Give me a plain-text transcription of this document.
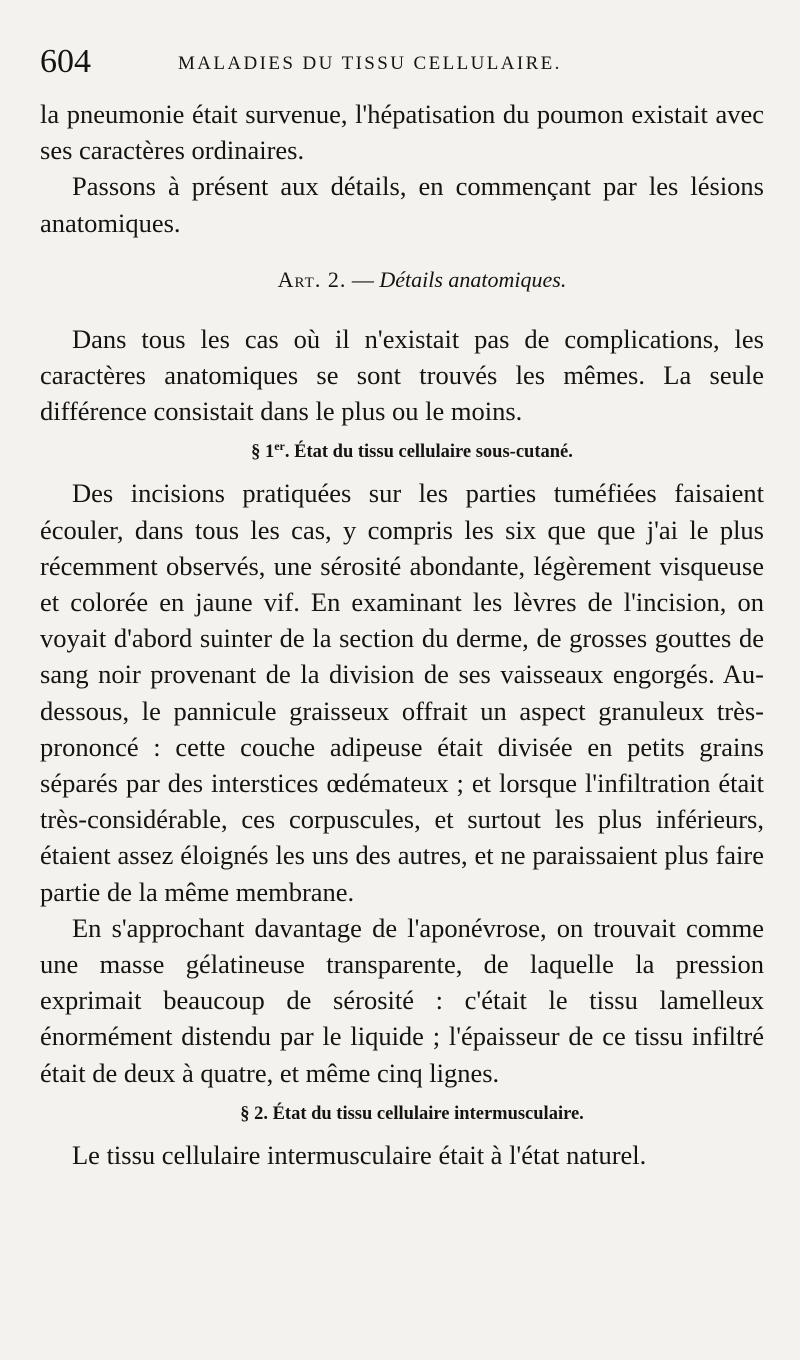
604	MALADIES DU TISSU CELLULAIRE.

la pneumonie était survenue, l'hépatisation du poumon existait avec ses caractères ordinaires.

Passons à présent aux détails, en commençant par les lésions anatomiques.

Art. 2. — Détails anatomiques.

Dans tous les cas où il n'existait pas de complications, les caractères anatomiques se sont trouvés les mêmes. La seule différence consistait dans le plus ou le moins.

§ 1er. État du tissu cellulaire sous-cutané.

Des incisions pratiquées sur les parties tuméfiées faisaient écouler, dans tous les cas, y compris les six que que j'ai le plus récemment observés, une sérosité abondante, légèrement visqueuse et colorée en jaune vif. En examinant les lèvres de l'incision, on voyait d'abord suinter de la section du derme, de grosses gouttes de sang noir provenant de la division de ses vaisseaux engorgés. Au-dessous, le pannicule graisseux offrait un aspect granuleux très-prononcé : cette couche adipeuse était divisée en petits grains séparés par des interstices œdémateux ; et lorsque l'infiltration était très-considérable, ces corpuscules, et surtout les plus inférieurs, étaient assez éloignés les uns des autres, et ne paraissaient plus faire partie de la même membrane.

En s'approchant davantage de l'aponévrose, on trouvait comme une masse gélatineuse transparente, de laquelle la pression exprimait beaucoup de sérosité : c'était le tissu lamelleux énormément distendu par le liquide ; l'épaisseur de ce tissu infiltré était de deux à quatre, et même cinq lignes.

§ 2. État du tissu cellulaire intermusculaire.

Le tissu cellulaire intermusculaire était à l'état naturel.
